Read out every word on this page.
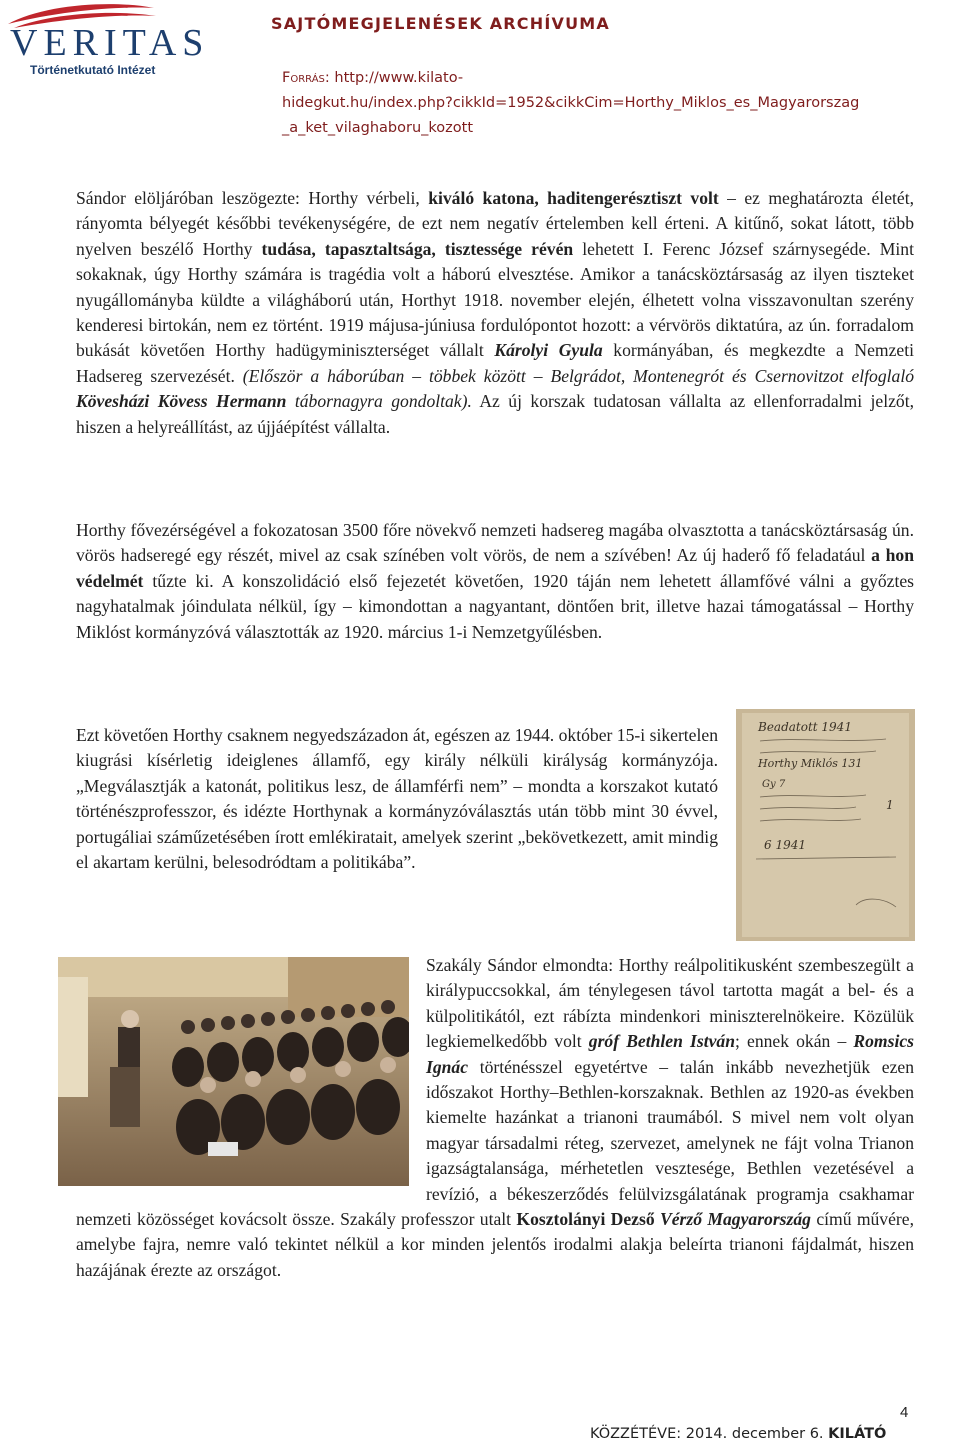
VERITAS
Történetkutató Intézet
SAJTÓMEGJELENÉSEK ARCHÍVUMA
Forrás: http://www.kilato-
hidegkut.hu/index.php?cikkId=1952&cikkCim=Horthy_Miklos_es_Magyarorszag
_a_ket_vilaghaboru_kozott

Sándor elöljáróban leszögezte: Horthy vérbeli, kiváló katona, haditengerésztiszt volt – ez meghatározta életét, rányomta bélyegét későbbi tevékenységére, de ezt nem negatív értelemben kell érteni. A kitűnő, sokat látott, több nyelven beszélő Horthy tudása, tapasztaltsága, tisztessége révén lehetett I. Ferenc József szárnysegéde. Mint sokaknak, úgy Horthy számára is tragédia volt a háború elvesztése. Amikor a tanácsköztársaság az ilyen tiszteket nyugállományba küldte a világháború után, Horthyt 1918. november elején, élhetett volna visszavonultan szerény kenderesi birtokán, nem ez történt. 1919 májusa-júniusa fordulópontot hozott: a vérvörös diktatúra, az ún. forradalom bukását követően Horthy hadügyminiszterséget vállalt Károlyi Gyula kormányában, és megkezdte a Nemzeti Hadsereg szervezését. (Először a háborúban – többek között – Belgrádot, Montenegrót és Csernovitzot elfoglaló Kövesházi Kövess Hermann tábornagyra gondoltak). Az új korszak tudatosan vállalta az ellenforradalmi jelzőt, hiszen a helyreállítást, az újjáépítést vállalta.

Horthy fővezérségével a fokozatosan 3500 főre növekvő nemzeti hadsereg magába olvasztotta a tanácsköztársaság ún. vörös hadseregé egy részét, mivel az csak színében volt vörös, de nem a szívében! Az új haderő fő feladatául a hon védelmét tűzte ki. A konszolidáció első fejezetét követően, 1920 táján nem lehetett államfővé válni a győztes nagyhatalmak jóindulata nélkül, így – kimondottan a nagyantant, döntően brit, illetve hazai támogatással – Horthy Miklóst kormányzóvá választották az 1920. március 1-i Nemzetgyűlésben.

Ezt követően Horthy csaknem negyedszázadon át, egészen az 1944. október 15-i sikertelen kiugrási kísérletig ideiglenes államfő, egy király nélküli királyság kormányzója. „Megválasztják a katonát, politikus lesz, de államférfi nem” – mondta a korszakot kutató történészprofesszor, és idézte Horthynak a kormányzóválasztás után több mint 30 évvel, portugáliai száműzetésében írott emlékiratait, amelyek szerint „bekövetkezett, amit mindig el akartam kerülni, belesodródtam a politikába”.

Beadatott 1941
Horthy Miklós 131
Gy 7
1
6 1941

Szakály Sándor elmondta: Horthy reálpolitikusként szembeszegült a királypuccsokkal, ám ténylegesen távol tartotta magát a bel- és a külpolitikától, ezt rábízta mindenkori miniszterelnökeire. Közülük legkiemelkedőbb volt gróf Bethlen István; ennek okán – Romsics Ignác történésszel egyetértve – talán inkább nevezhetjük ezen időszakot Horthy–Bethlen-korszaknak. Bethlen az 1920-as években kiemelte hazánkat a trianoni traumából. S mivel nem volt olyan magyar társadalmi réteg, szervezet, amelynek ne fájt volna Trianon igazságtalansága, mérhetetlen vesztesége, Bethlen vezetésével a revízió, a békeszerződés felülvizsgálatának programja csakhamar nemzeti közösséget kovácsolt össze. Szakály professzor utalt Kosztolányi Dezső Vérző Magyarország című művére, amelybe fajra, nemre való tekintet nélkül a kor minden jelentős irodalmi alakja beleírta trianoni fájdalmát, hiszen hazájának érezte az országot.

4
KÖZZÉTÉVE: 2014. december 6. KILÁTÓ
